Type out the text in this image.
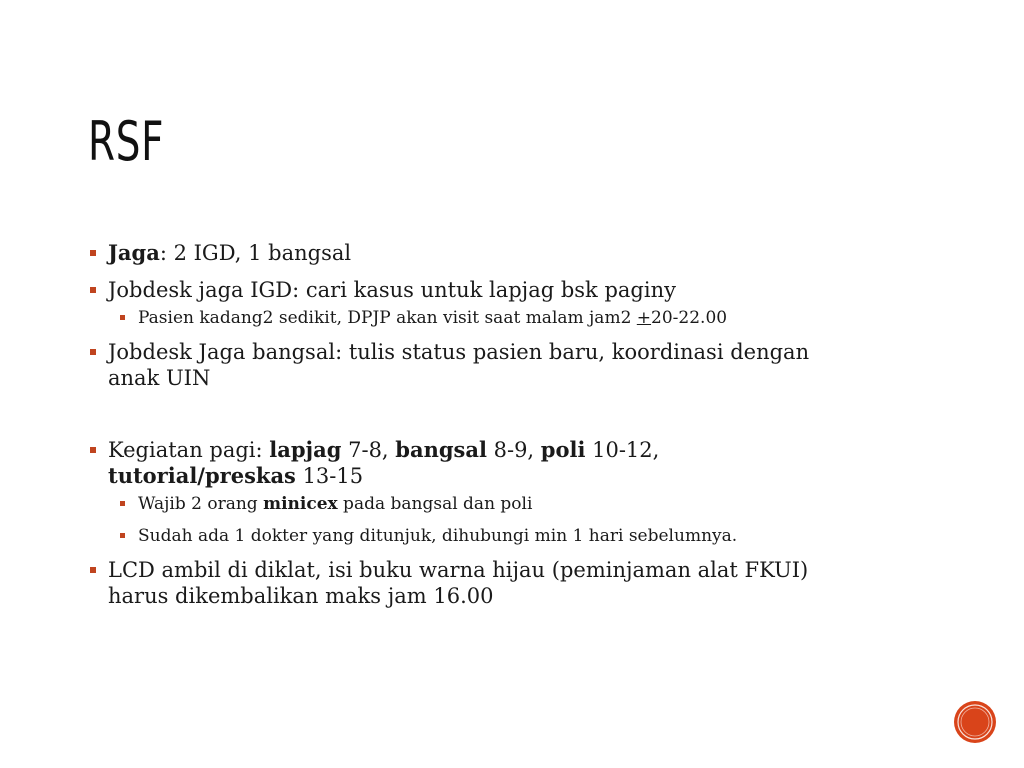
RSF
Jaga: 2 IGD, 1 bangsal
Jobdesk jaga IGD: cari kasus untuk lapjag bsk paginy
Pasien kadang2 sedikit, DPJP akan visit saat malam jam2 +20-22.00
Jobdesk Jaga bangsal: tulis status pasien baru, koordinasi dengan
anak UIN
Kegiatan pagi: lapjag 7-8, bangsal 8-9, poli 10-12,
tutorial/preskas 13-15
Wajib 2 orang minicex pada bangsal dan poli
Sudah ada 1 dokter yang ditunjuk, dihubungi min 1 hari sebelumnya.
LCD ambil di diklat, isi buku warna hijau (peminjaman alat FKUI)
harus dikembalikan maks jam 16.00
